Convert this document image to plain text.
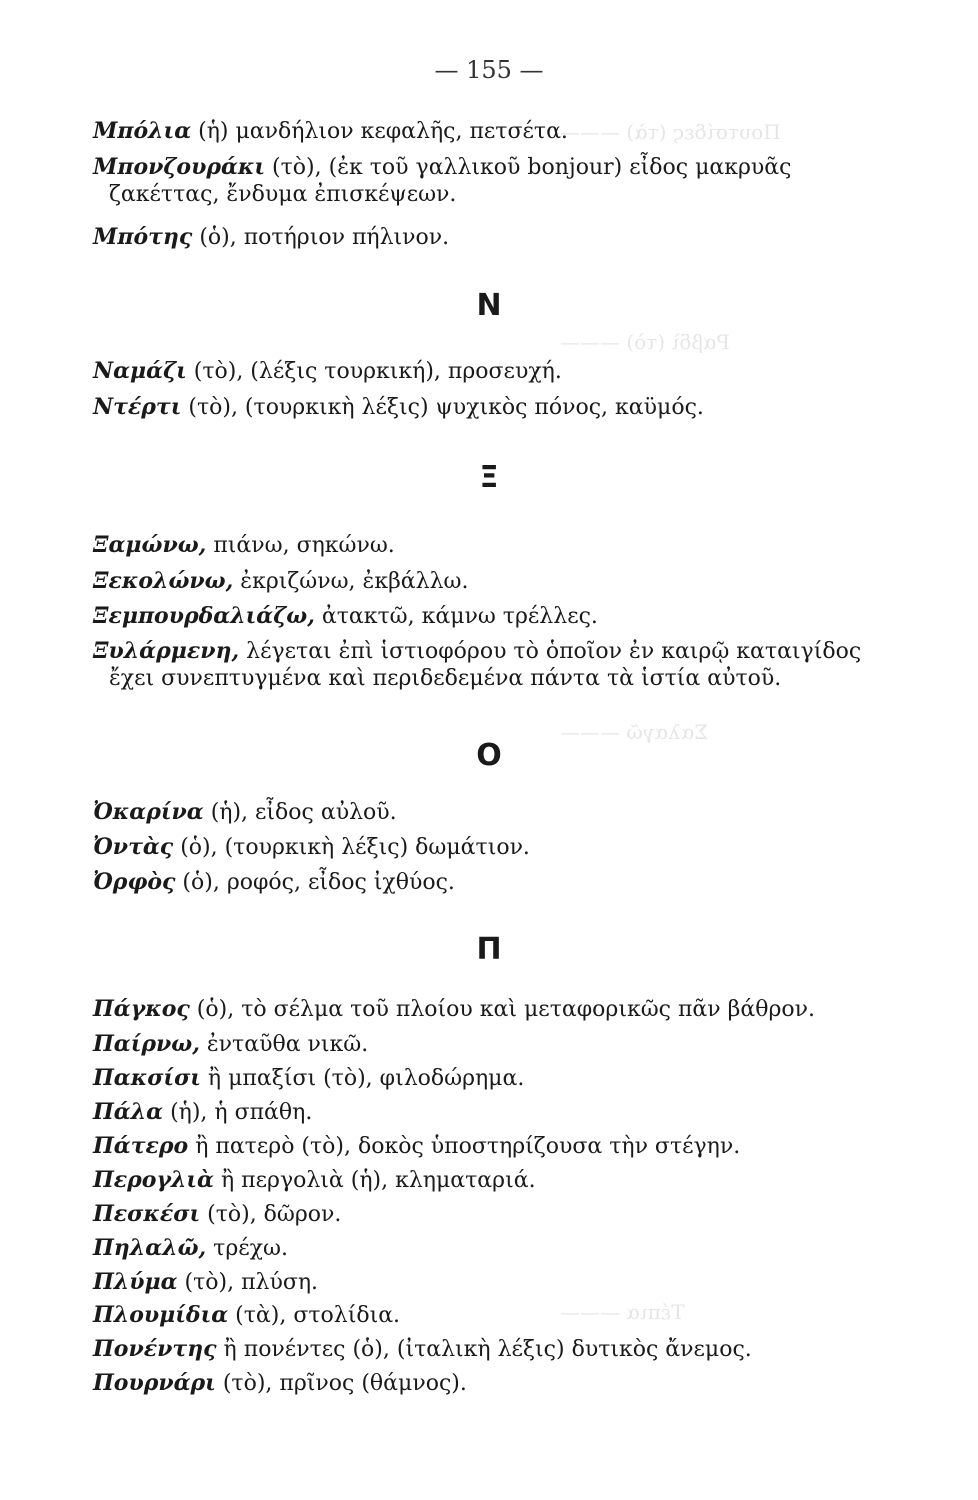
Πουτσίδες (τὰ) ———
Ραβδὶ (τὸ) ———
Σαλαγῶ ———
Τέπια ———
— 155 —
Μπόλια (ἡ) μανδήλιον κεφαλῆς, πετσέτα.
Μπονζουράκι (τὸ), (ἐκ τοῦ γαλλικοῦ bonjour) εἶδος μακρυᾶς
ζακέττας, ἔνδυμα ἐπισκέψεων.
Μπότης (ὁ), ποτήριον πήλινον.
Ν
Ναμάζι (τὸ), (λέξις τουρκική), προσευχή.
Ντέρτι (τὸ), (τουρκικὴ λέξις) ψυχικὸς πόνος, καϋμός.
Ξ
Ξαμώνω, πιάνω, σηκώνω.
Ξεκολώνω, ἐκριζώνω, ἐκβάλλω.
Ξεμπουρδαλιάζω, ἀτακτῶ, κάμνω τρέλλες.
Ξυλάρμενη, λέγεται ἐπὶ ἱστιοφόρου τὸ ὁποῖον ἐν καιρῷ καταιγίδος
ἔχει συνεπτυγμένα καὶ περιδεδεμένα πάντα τὰ ἱστία αὐτοῦ.
Ο
Ὀκαρίνα (ἡ), εἶδος αὐλοῦ.
Ὀντὰς (ὁ), (τουρκικὴ λέξις) δωμάτιον.
Ὀρφὸς (ὁ), ροφός, εἶδος ἰχθύος.
Π
Πάγκος (ὁ), τὸ σέλμα τοῦ πλοίου καὶ μεταφορικῶς πᾶν βάθρον.
Παίρνω, ἐνταῦθα νικῶ.
Πακσίσι ἢ μπαξίσι (τὸ), φιλοδώρημα.
Πάλα (ἡ), ἡ σπάθη.
Πάτερο ἢ πατερὸ (τὸ), δοκὸς ὑποστηρίζουσα τὴν στέγην.
Περογλιὰ ἢ περγολιὰ (ἡ), κληματαριά.
Πεσκέσι (τὸ), δῶρον.
Πηλαλῶ, τρέχω.
Πλύμα (τὸ), πλύση.
Πλουμίδια (τὰ), στολίδια.
Πονέντης ἢ πονέντες (ὁ), (ἰταλικὴ λέξις) δυτικὸς ἄνεμος.
Πουρνάρι (τὸ), πρῖνος (θάμνος).
